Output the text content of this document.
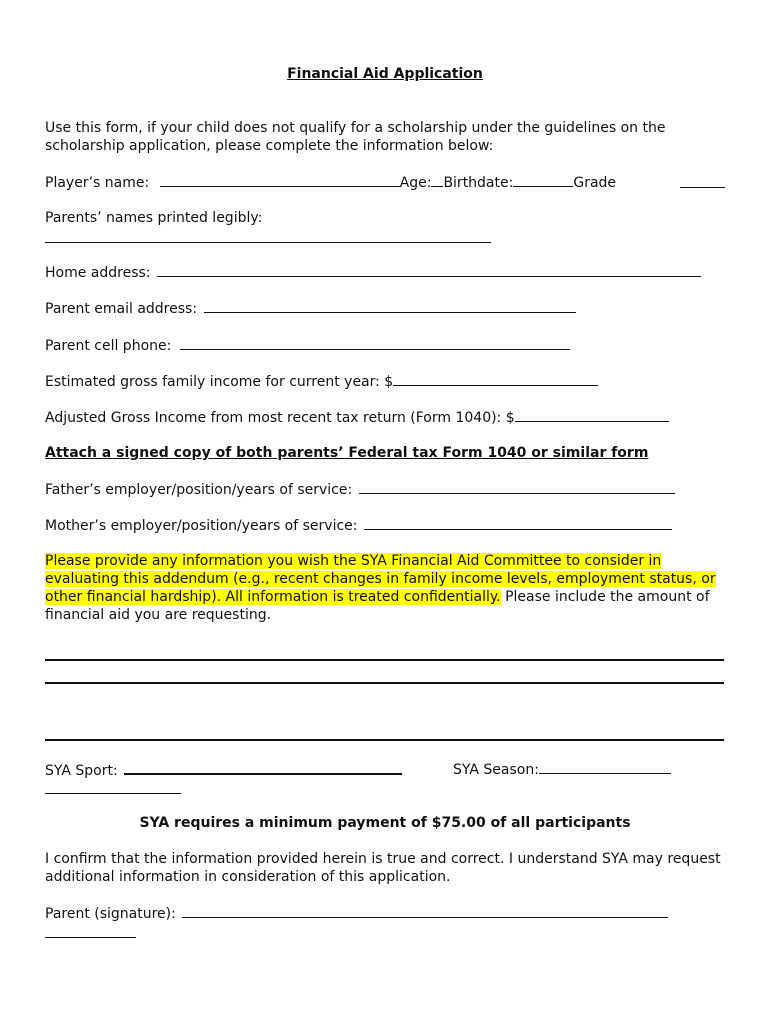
Financial Aid Application
Use this form, if your child does not qualify for a scholarship under the guidelines on the scholarship application, please complete the information below:
Player’s name:	Age: Birthdate:	Grade
Parents’ names printed legibly:
Home address:
Parent email address:
Parent cell phone:
Estimated gross family income for current year: $
Adjusted Gross Income from most recent tax return (Form 1040): $
Attach a signed copy of both parents’ Federal tax Form 1040 or similar form
Father’s employer/position/years of service:
Mother’s employer/position/years of service:
Please provide any information you wish the SYA Financial Aid Committee to consider in evaluating this addendum (e.g., recent changes in family income levels, employment status, or other financial hardship). All information is treated confidentially. Please include the amount of financial aid you are requesting.
SYA Sport:	SYA Season:
SYA requires a minimum payment of $75.00 of all participants
I confirm that the information provided herein is true and correct. I understand SYA may request additional information in consideration of this application.
Parent (signature):
